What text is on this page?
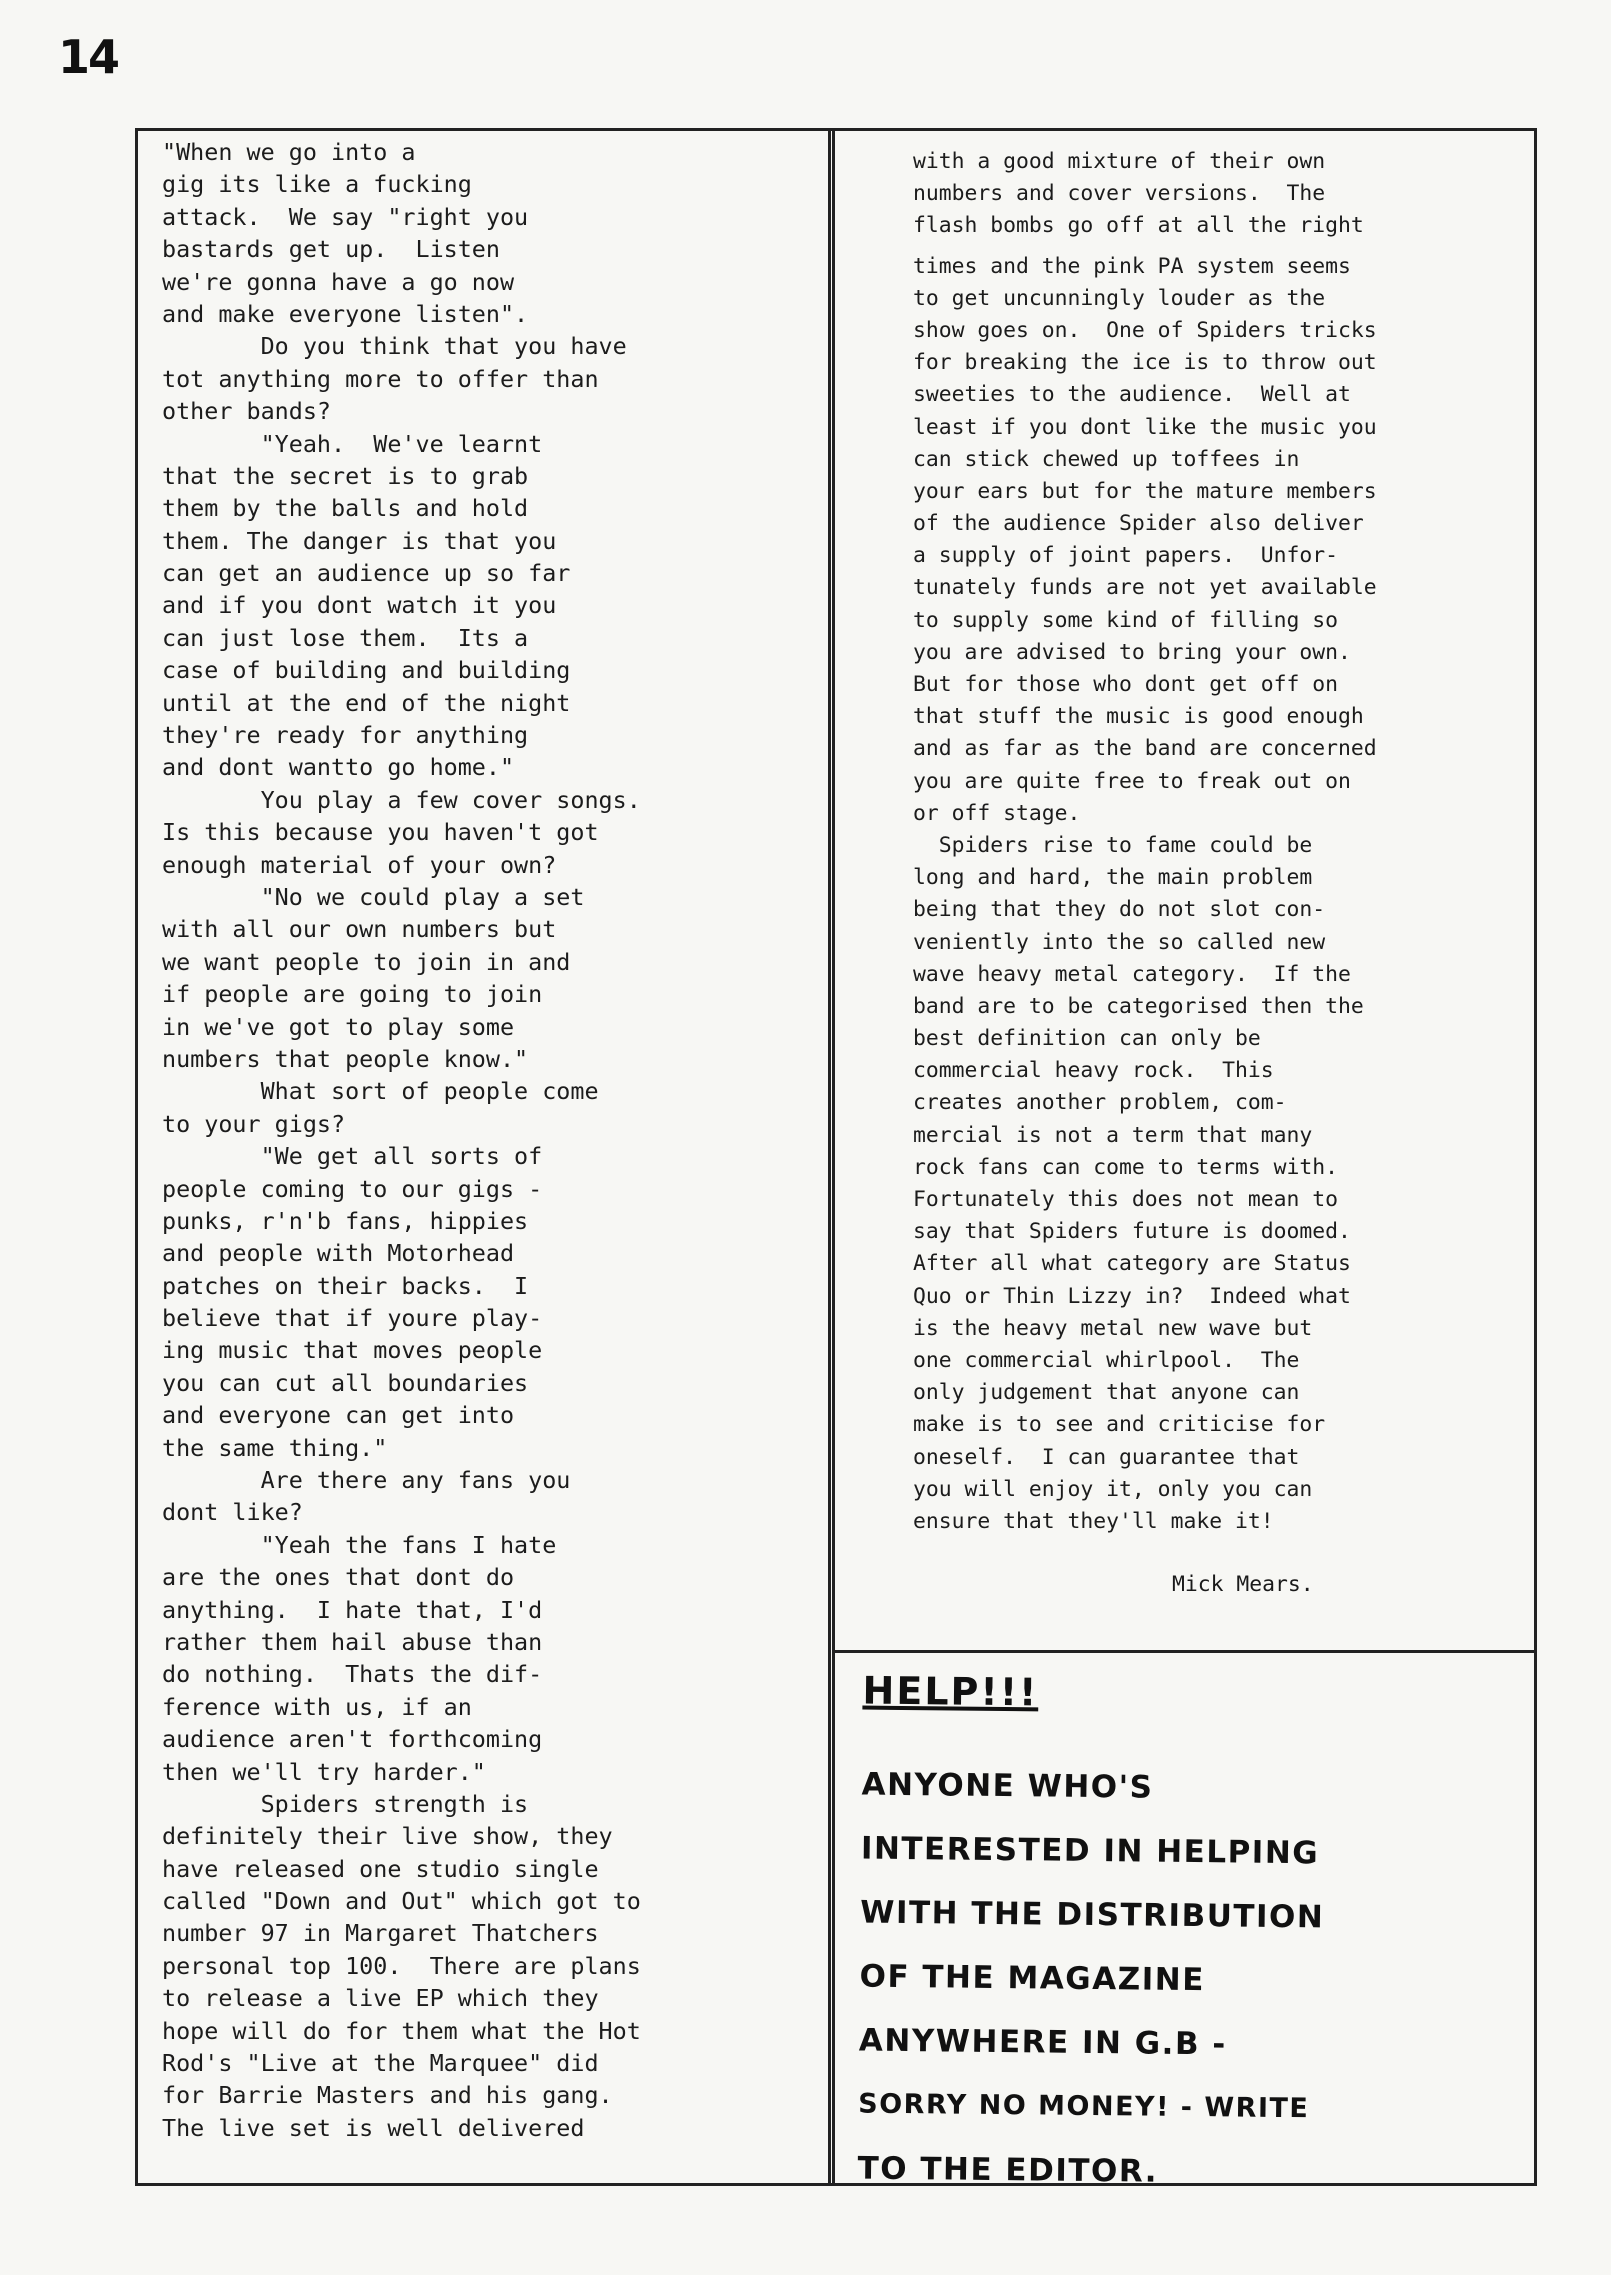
14
"When we go into a
gig its like a fucking
attack.  We say "right you
bastards get up.  Listen
we're gonna have a go now
and make everyone listen".
Do you think that you have
tot anything more to offer than
other bands?
"Yeah.  We've learnt
that the secret is to grab
them by the balls and hold
them. The danger is that you
can get an audience up so far
and if you dont watch it you
can just lose them.  Its a
case of building and building
until at the end of the night
they're ready for anything
and dont wantto go home."
You play a few cover songs.
Is this because you haven't got
enough material of your own?
"No we could play a set
with all our own numbers but
we want people to join in and
if people are going to join
in we've got to play some
numbers that people know."
What sort of people come
to your gigs?
"We get all sorts of
people coming to our gigs -
punks, r'n'b fans, hippies
and people with Motorhead
patches on their backs.  I
believe that if youre play-
ing music that moves people
you can cut all boundaries
and everyone can get into
the same thing."
Are there any fans you
dont like?
"Yeah the fans I hate
are the ones that dont do
anything.  I hate that, I'd
rather them hail abuse than
do nothing.  Thats the dif-
ference with us, if an
audience aren't forthcoming
then we'll try harder."
Spiders strength is
definitely their live show, they
have released one studio single
called "Down and Out" which got to
number 97 in Margaret Thatchers
personal top 100.  There are plans
to release a live EP which they
hope will do for them what the Hot
Rod's "Live at the Marquee" did
for Barrie Masters and his gang.
The live set is well delivered
with a good mixture of their own
numbers and cover versions.  The
flash bombs go off at all the right
times and the pink PA system seems
to get uncunningly louder as the
show goes on.  One of Spiders tricks
for breaking the ice is to throw out
sweeties to the audience.  Well at
least if you dont like the music you
can stick chewed up toffees in
your ears but for the mature members
of the audience Spider also deliver
a supply of joint papers.  Unfor-
tunately funds are not yet available
to supply some kind of filling so
you are advised to bring your own.
But for those who dont get off on
that stuff the music is good enough
and as far as the band are concerned
you are quite free to freak out on
or off stage.
Spiders rise to fame could be
long and hard, the main problem
being that they do not slot con-
veniently into the so called new
wave heavy metal category.  If the
band are to be categorised then the
best definition can only be
commercial heavy rock.  This
creates another problem, com-
mercial is not a term that many
rock fans can come to terms with.
Fortunately this does not mean to
say that Spiders future is doomed.
After all what category are Status
Quo or Thin Lizzy in?  Indeed what
is the heavy metal new wave but
one commercial whirlpool.  The
only judgement that anyone can
make is to see and criticise for
oneself.  I can guarantee that
you will enjoy it, only you can
ensure that they'll make it!
Mick Mears.
HELP!!!
ANYONE WHO'S
INTERESTED IN HELPING
WITH THE DISTRIBUTION
OF THE MAGAZINE
ANYWHERE IN G.B -
SORRY NO MONEY! - WRITE
TO THE EDITOR.
